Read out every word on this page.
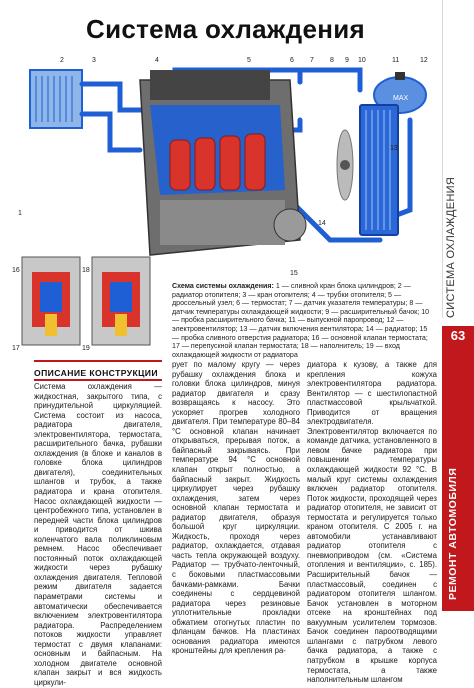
Система охлаждения
MAX
2	3	4	5	6 7 8 9 10	11	12
1
14
15
13
16
17
18
19
Схема системы охлаждения: 1 — сливной кран блока цилиндров; 2 — радиатор отопителя; 3 — кран отопителя; 4 — трубки отопителя; 5 — дроссельный узел; 6 — термостат; 7 — датчик указателя температуры; 8 — датчик температуры охлаждающей жидкости; 9 — расширительный бачок; 10 — пробка расширительного бачка; 11 — выпускной паропровод; 12 — электровентилятор; 13 — датчик включения вентилятора; 14 — радиатор; 15 — пробка сливного отверстия радиатора; 16 — основной клапан термостата; 17 — перепускной клапан термостата; 18 — наполнитель; 19 — вход охлаждающей жидкости от радиатора
ОПИСАНИЕ КОНСТРУКЦИИ

Система охлаждения — жидкостная, закрытого типа, с принудительной циркуляцией. Система состоит из насоса, радиатора двигателя, электровентилятора, термостата, расширительного бачка, рубашки охлаждения (в блоке и каналов в головке блока цилиндров двигателя), соединительных шлангов и трубок, а также радиатора и крана отопителя. Насос охлаждающей жидкости — центробежного типа, установлен в передней части блока цилиндров и приводится от шкива коленчатого вала поликлиновым ремнем. Насос обеспечивает постоянный поток охлаждающей жидкости через рубашку охлаждения двигателя. Тепловой режим двигателя задается параметрами системы и автоматически обеспечивается включением электровентилятора радиатора. Распределением потоков жидкости управляет термостат с двумя клапанами: основным и байпасным. На холодном двигателе основной клапан закрыт и вся жидкость циркули-

рует по малому кругу — через рубашку охлаждения блока и головки блока цилиндров, минуя радиатор двигателя и сразу возвращаясь к насосу. Это ускоряет прогрев холодного двигателя. При температуре 80–84 °С основной клапан начинает открываться, прерывая поток, а байпасный закрываясь. При температуре 94 °С основной клапан открыт полностью, а байпасный закрыт. Жидкость циркулирует через рубашку охлаждения, затем через основной клапан термостата и радиатор двигателя, образуя большой круг циркуляции. Жидкость, проходя через радиатор, охлаждается, отдавая часть тепла окружающей воздуху. Радиатор — трубчато-ленточный, с боковыми пластмассовыми бачками-рамками. Бачки соединены с сердцевиной радиатора через резиновые уплотнительные прокладки обжатием отогнутых пластин по фланцам бачков. На пластинах основания радиатора имеются кронштейны для крепления ра-

диатора к кузову, а также для крепления кожуха электровентилятора радиатора. Вентилятор — с шестилопастной пластмассовой крыльчаткой. Приводится от вращения электродвигателя. Электровентилятор включается по команде датчика, установленного в левом бачке радиатора при повышении температуры охлаждающей жидкости 92 °С. В малый круг системы охлаждения включен радиатор отопителя. Поток жидкости, проходящей через радиатор отопителя, не зависит от термостата и регулируется только краном отопителя. С 2005 г. на автомобили устанавливают радиатор отопителя с пневмоприводом (см. «Система отопления и вентиляции», с. 185). Расширительный бачок — пластмассовый, соединен с радиатором отопителя шлангом. Бачок установлен в моторном отсеке на кронштейнах под вакуумным усилителем тормозов. Бачок соединен пароотводящими шлангами с патрубком левого бачка радиатора, а также с патрубком в крышке корпуса термостата, а также наполнительным шлангом

СИСТЕМА ОХЛАЖДЕНИЯ
63
РЕМОНТ АВТОМОБИЛЯ
